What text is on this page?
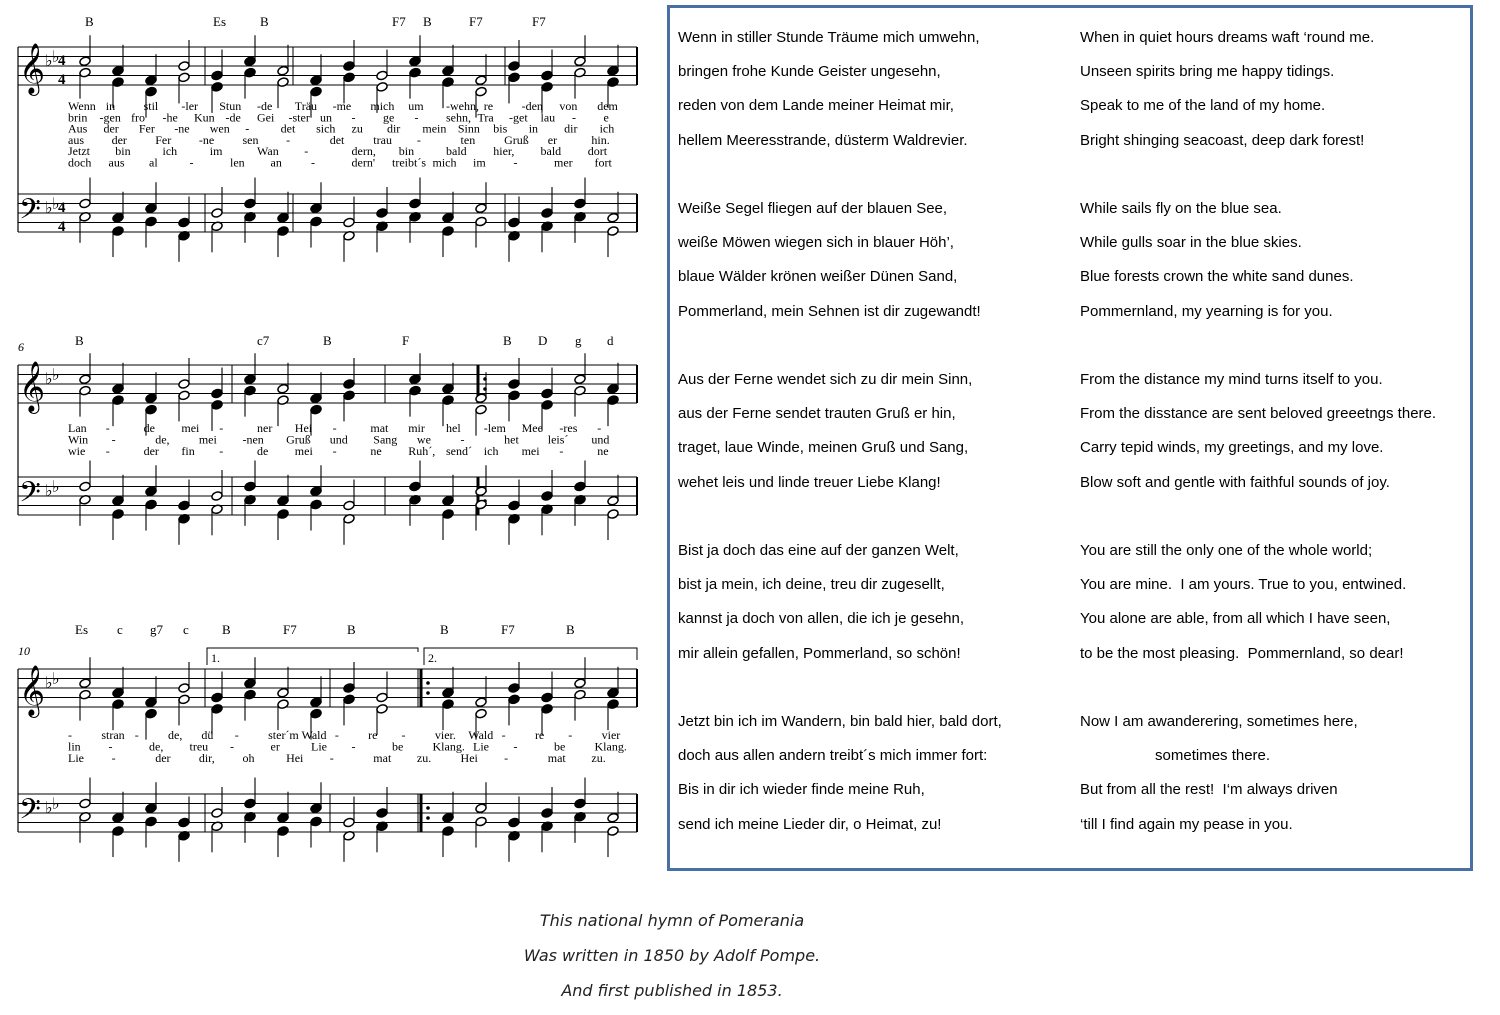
𝄞 ♭ ♭
𝄢 ♭ ♭
4
4
4
4
B	Es	B	F7 B	F7	F7
Wenn in stil -ler Stun -de Träu -me mich um -wehn, re -den von dem
brin -gen fro -he Kun -de Gei -ster un - ge - sehn, Tra -get lau - e
Aus der Fer -ne wen -	det sich zu dir mein Sinn bis in dir ich
aus der Fer -ne sen -	det trau -	ten Gruß er	hin.
Jetzt bin	ich	im	Wan -	dern, bin	bald hier, bald dort
doch aus al	-	len an -	dern' treibt´s mich im -	mer fort
𝄞 ♭ ♭
𝄢 ♭ ♭
6	B	c7	B	F	B D g d
Lan -	de mei -	ner Hei -	mat mir hel -lem Mee -res -
Win -	de, mei -nen Gruß und Sang we -	het leis´ und
wie -	der fin -	de mei -	ne Ruh´, send´ ich mei -	ne
𝄞 ♭ ♭
𝄢 ♭ ♭
10
Es c g7 c	B	F7	B	B	F7	B
1.	2.
- stran - de, dü - ster´m Wald - re - vier. Wald - re - vier
lin -	de, treu -	er	Lie -	be Klang. Lie -	be Klang.
Lie -	der dir, oh	Hei -	mat zu. Hei -	mat zu.
Wenn in stiller Stunde Träume mich umwehn,
bringen frohe Kunde Geister ungesehn,
reden von dem Lande meiner Heimat mir,
hellem Meeresstrande, düsterm Waldrevier.
Weiße Segel fliegen auf der blauen See,
weiße Möwen wiegen sich in blauer Höh’,
blaue Wälder krönen weißer Dünen Sand,
Pommerland, mein Sehnen ist dir zugewandt!
Aus der Ferne wendet sich zu dir mein Sinn,
aus der Ferne sendet trauten Gruß er hin,
traget, laue Winde, meinen Gruß und Sang,
wehet leis und linde treuer Liebe Klang!
Bist ja doch das eine auf der ganzen Welt,
bist ja mein, ich deine, treu dir zugesellt,
kannst ja doch von allen, die ich je gesehn,
mir allein gefallen, Pommerland, so schön!
Jetzt bin ich im Wandern, bin bald hier, bald dort,
doch aus allen andern treibt´s mich immer fort:
Bis in dir ich wieder finde meine Ruh,
send ich meine Lieder dir, o Heimat, zu!
When in quiet hours dreams waft ‘round me.
Unseen spirits bring me happy tidings.
Speak to me of the land of my home.
Bright shinging seacoast, deep dark forest!
While sails fly on the blue sea.
While gulls soar in the blue skies.
Blue forests crown the white sand dunes.
Pommernland, my yearning is for you.
From the distance my mind turns itself to you.
From the disstance are sent beloved greeetngs there.
Carry tepid winds, my greetings, and my love.
Blow soft and gentle with faithful sounds of joy.
You are still the only one of the whole world;
You are mine.  I am yours. True to you, entwined.
You alone are able, from all which I have seen,
to be the most pleasing.  Pommernland, so dear!
Now I am awanderering, sometimes here,
sometimes there.
But from all the rest!  I‘m always driven
‘till I find again my pease in you.
This national hymn of Pomerania
Was written in 1850 by Adolf Pompe.
And first published in 1853.
